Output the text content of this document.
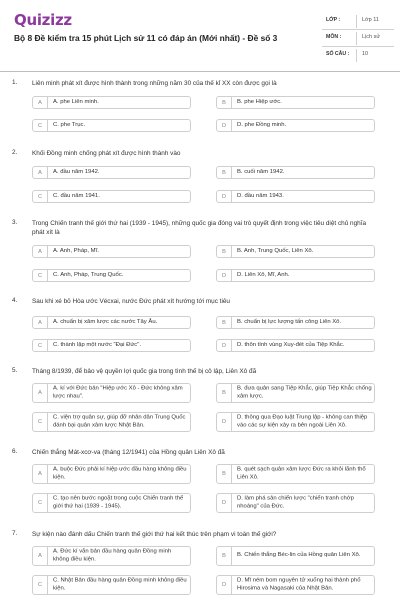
Quizizz
Bộ 8 Đề kiểm tra 15 phút Lịch sử 11 có đáp án (Mới nhất) - Đề số 3
LỚP :	Lớp 11
MÔN :	Lịch sử
SỐ CÂU : 10
1. Liên minh phát xít được hình thành trong những năm 30 của thế kỉ XX còn được gọi là
A	A. phe Liên minh.	B	B. phe Hiệp ước.
C	C. phe Trục.	D	D. phe Đồng minh.
2. Khối Đồng minh chống phát xít được hình thành vào
A	A. đầu năm 1942.	B	B. cuối năm 1942.
C	C. đầu năm 1941.	D	D. đầu năm 1943.
3. Trong Chiến tranh thế giới thứ hai (1939 - 1945), những quốc gia đóng vai trò quyết định trong việc tiêu diệt chủ nghĩa phát xít là
A	A. Anh, Pháp, Mĩ.	B	B. Anh, Trung Quốc, Liên Xô.
C	C. Anh, Pháp, Trung Quốc.	D	D. Liên Xô, Mĩ, Anh.
4. Sau khi xé bỏ Hòa ước Vécxai, nước Đức phát xít hướng tới mục tiêu
A	A. chuẩn bị xâm lược các nước Tây Âu.	B	B. chuẩn bị lực lượng tấn công Liên Xô.
C	C. thành lập một nước "Đại Đức".	D	D. thôn tính vùng Xuy-đét của Tiệp Khắc.
5. Tháng 8/1939, để bảo vệ quyền lợi quốc gia trong tình thế bị cô lập, Liên Xô đã
A
A. kí với Đức bản "Hiệp ước Xô - Đức không xâm lược nhau".	B
B. đưa quân sang Tiệp Khắc, giúp Tiệp Khắc chống xâm lược.
C
C. viện trợ quân sự, giúp đỡ nhân dân Trung Quốc đánh bại quân xâm lược Nhật Bản.	D
D. thông qua Đạo luật Trung lập - không can thiệp vào các sự kiện xảy ra bên ngoài Liên Xô.
6. Chiến thắng Mát-xcơ-va (tháng 12/1941) của Hồng quân Liên Xô đã
A
A. buộc Đức phải kí hiệp ước đầu hàng không điều kiện.	B
B. quét sạch quân xâm lược Đức ra khỏi lãnh thổ Liên Xô.
C
C. tạo nên bước ngoặt trong cuộc Chiến tranh thế giới thứ hai (1939 - 1945).	D
D. làm phá sản chiến lược "chiến tranh chớp nhoáng" của Đức.
7. Sự kiện nào đánh dấu Chiến tranh thế giới thứ hai kết thúc trên phạm vi toàn thế giới?
A
A. Đức kí văn bản đầu hàng quân Đồng minh không điều kiện.	B	B. Chiến thắng Béc-lin của Hồng quân Liên Xô.
C
C. Nhật Bản đầu hàng quân Đồng minh không điều kiện.	D
D. Mĩ ném bom nguyên tử xuống hai thành phố Hirosima và Nagasaki của Nhật Bản.
